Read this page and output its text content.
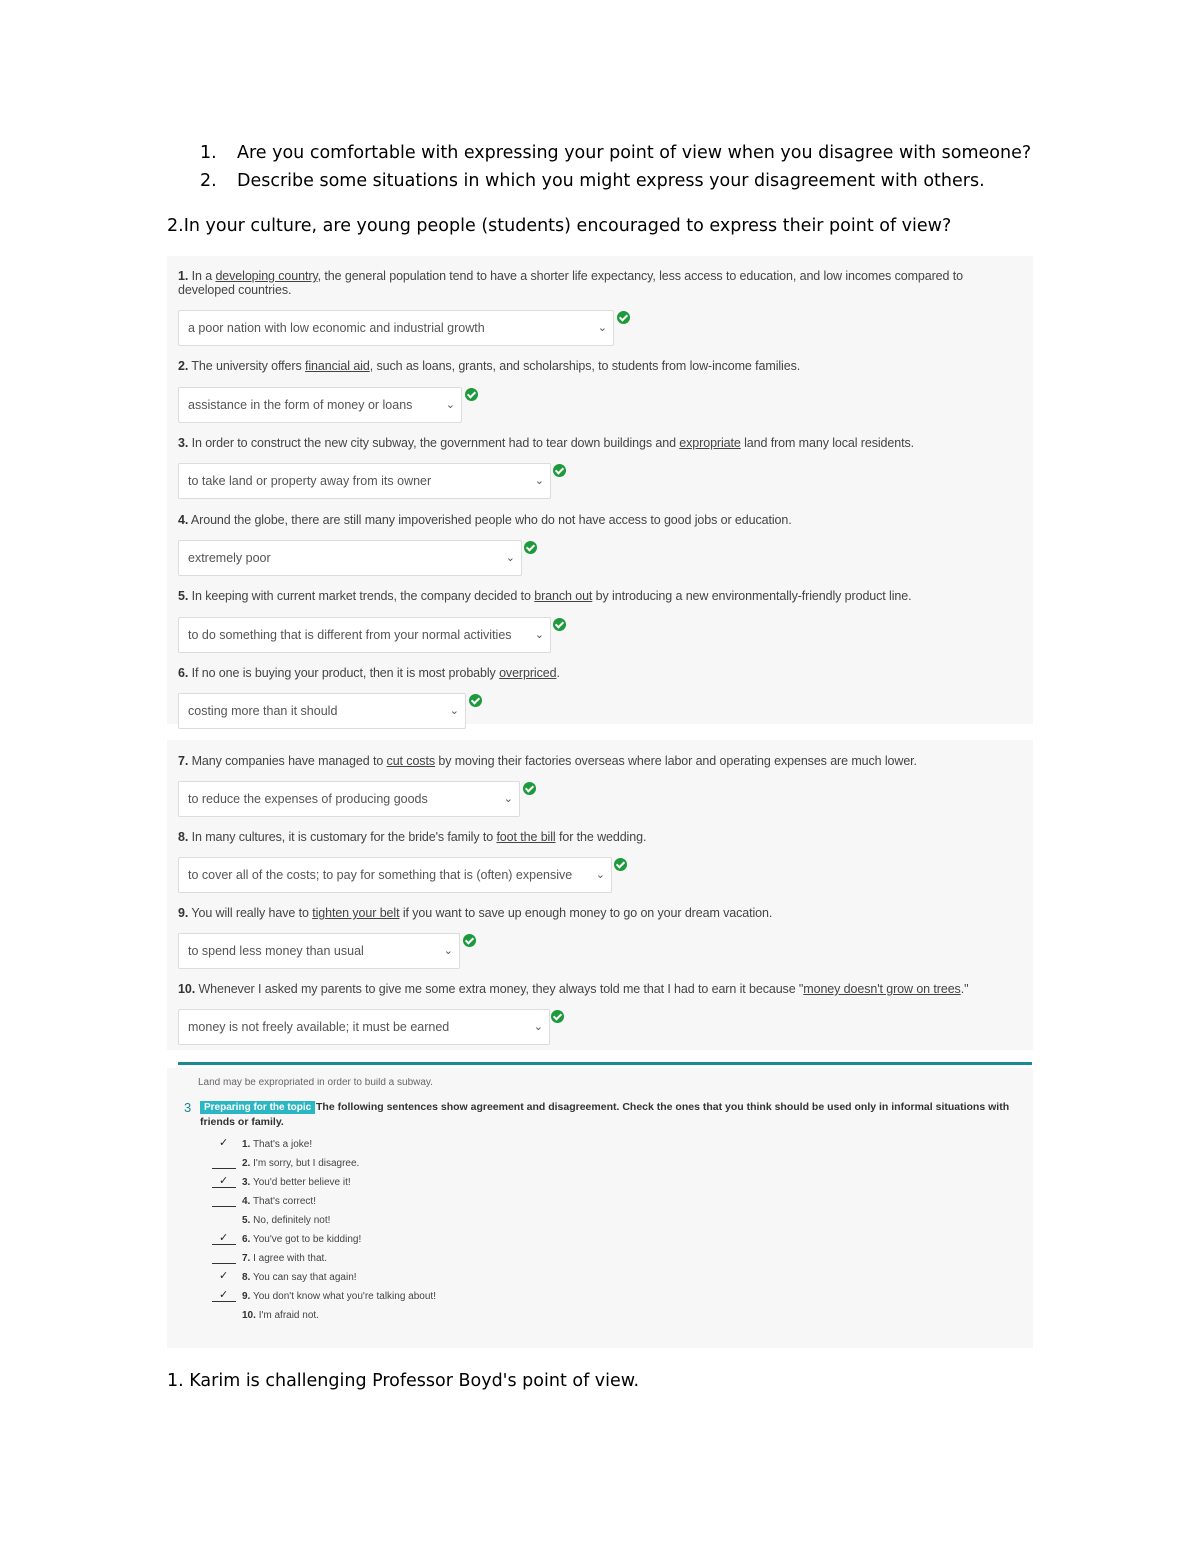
1. Are you comfortable with expressing your point of view when you disagree with someone?
2. Describe some situations in which you might express your disagreement with others.
2.In your culture, are young people (students) encouraged to express their point of view?
1. In a developing country, the general population tend to have a shorter life expectancy, less access to education, and low incomes compared to
developed countries.
a poor nation with low economic and industrial growth	⌄
2. The university offers financial aid, such as loans, grants, and scholarships, to students from low-income families.
assistance in the form of money or loans	⌄
3. In order to construct the new city subway, the government had to tear down buildings and expropriate land from many local residents.
to take land or property away from its owner	⌄
4. Around the globe, there are still many impoverished people who do not have access to good jobs or education.
extremely poor	⌄
5. In keeping with current market trends, the company decided to branch out by introducing a new environmentally-friendly product line.
to do something that is different from your normal activities ⌄
6. If no one is buying your product, then it is most probably overpriced.
costing more than it should	⌄
7. Many companies have managed to cut costs by moving their factories overseas where labor and operating expenses are much lower.
to reduce the expenses of producing goods	⌄
8. In many cultures, it is customary for the bride's family to foot the bill for the wedding.
to cover all of the costs; to pay for something that is (often) expensive ⌄
9. You will really have to tighten your belt if you want to save up enough money to go on your dream vacation.
to spend less money than usual	⌄
10. Whenever I asked my parents to give me some extra money, they always told me that I had to earn it because "money doesn't grow on trees."
money is not freely available; it must be earned	⌄
Land may be expropriated in order to build a subway.
3	Preparing for the topic The following sentences show agreement and disagreement. Check the ones that you think should be used only in informal situations with
friends or family.
✓ 1. That's a joke!
2. I'm sorry, but I disagree.
✓ 3. You'd better believe it!
4. That's correct!
5. No, definitely not!
✓ 6. You've got to be kidding!
7. I agree with that.
✓ 8. You can say that again!
✓ 9. You don't know what you're talking about!
10. I'm afraid not.
1. Karim is challenging Professor Boyd's point of view.
